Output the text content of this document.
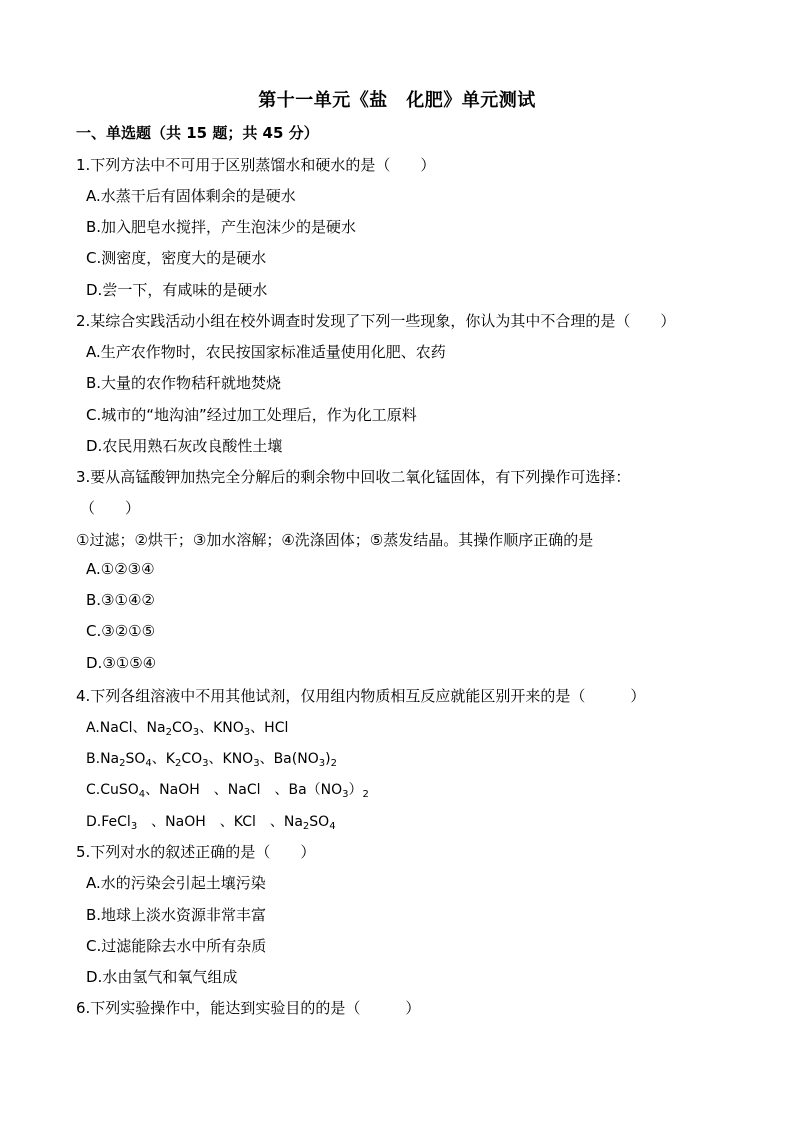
第十一单元《盐　化肥》单元测试
一、单选题（共 15 题；共 45 分）
1.下列方法中不可用于区别蒸馏水和硬水的是（　　）
A.水蒸干后有固体剩余的是硬水
B.加入肥皂水搅拌，产生泡沫少的是硬水
C.测密度，密度大的是硬水
D.尝一下，有咸味的是硬水
2.某综合实践活动小组在校外调查时发现了下列一些现象，你认为其中不合理的是（　　）
A.生产农作物时，农民按国家标准适量使用化肥、农药
B.大量的农作物秸秆就地焚烧
C.城市的“地沟油”经过加工处理后，作为化工原料
D.农民用熟石灰改良酸性土壤
3.要从高锰酸钾加热完全分解后的剩余物中回收二氧化锰固体，有下列操作可选择：
（　　）
①过滤；②烘干；③加水溶解；④洗涤固体；⑤蒸发结晶。其操作顺序正确的是
A.①②③④
B.③①④②
C.③②①⑤
D.③①⑤④
4.下列各组溶液中不用其他试剂，仅用组内物质相互反应就能区别开来的是（　　　）
A.NaCl、$Na_2CO_3$、$KNO_3$、HCl
$B.Na_2SO_4$、$K_2CO_3$、$KNO_3$、$Ba(NO_3)_2$
C.CuSO$_4$、NaOH　、NaCl　、$Ba(NO_3)_2$
D.FeCl$_3$　、NaOH　、KCl　、$Na_2SO_4$
5.下列对水的叙述正确的是（　　）
A.水的污染会引起土壤污染
B.地球上淡水资源非常丰富
C.过滤能除去水中所有杂质
D.水由氢气和氧气组成
6.下列实验操作中，能达到实验目的的是（　　　）
